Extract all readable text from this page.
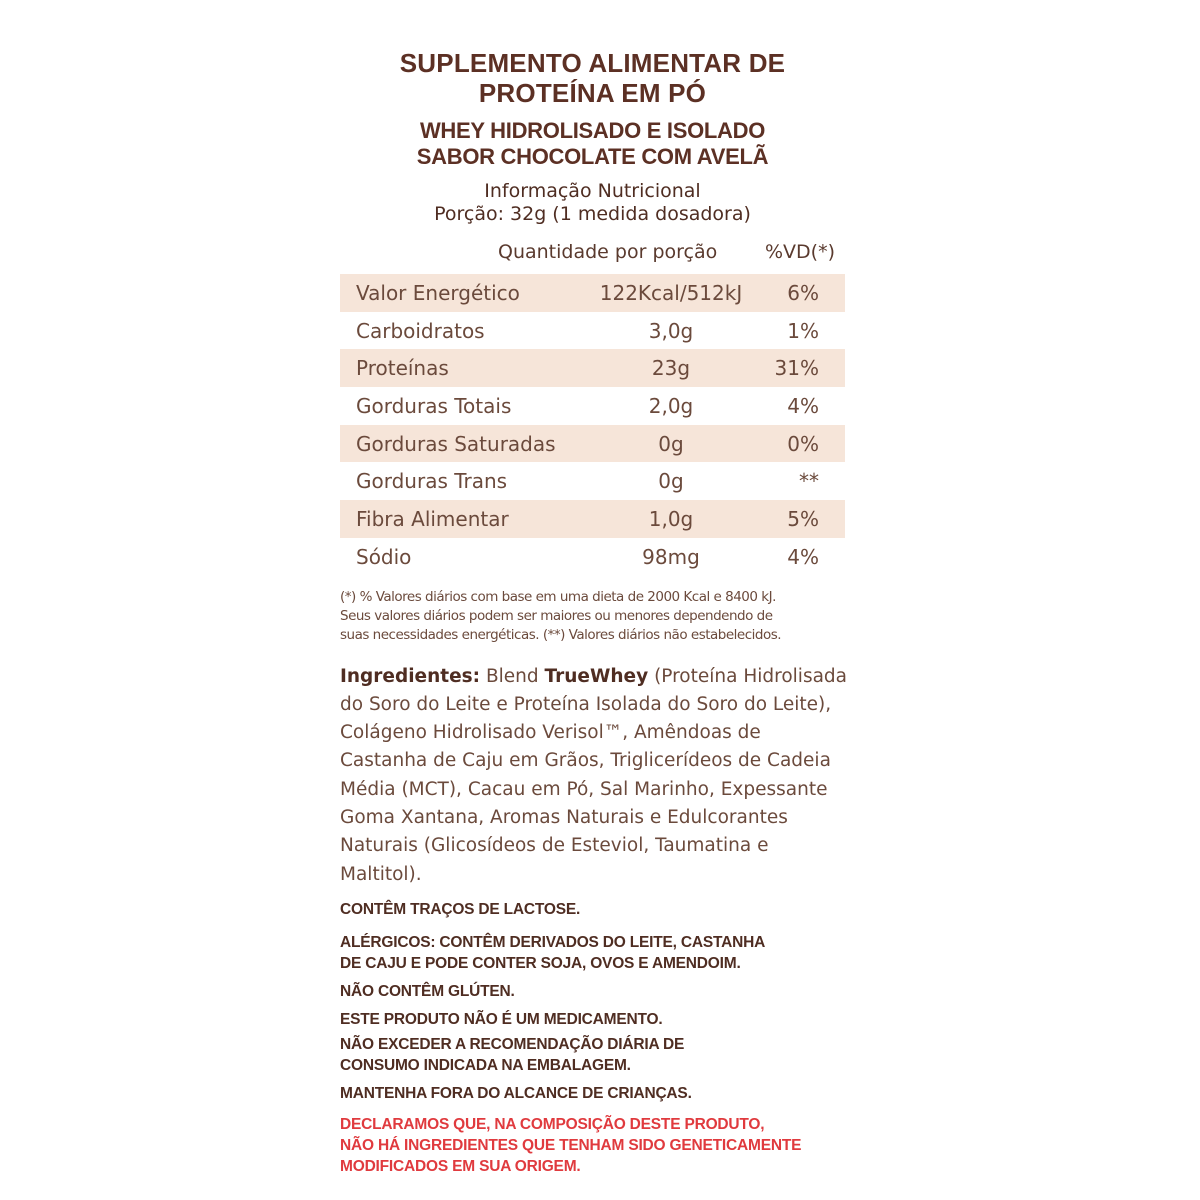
SUPLEMENTO ALIMENTAR DE
PROTEÍNA EM PÓ
WHEY HIDROLISADO E ISOLADO
SABOR CHOCOLATE COM AVELÃ
Informação Nutricional
Porção: 32g (1 medida dosadora)
Quantidade por porção	%VD(*)
Valor Energético	122Kcal/512kJ	6%
Carboidratos	3,0g	1%
Proteínas	23g	31%
Gorduras Totais	2,0g	4%
Gorduras Saturadas	0g	0%
Gorduras Trans	0g	**
Fibra Alimentar	1,0g	5%
Sódio	98mg	4%
(*) % Valores diários com base em uma dieta de 2000 Kcal e 8400 kJ.
Seus valores diários podem ser maiores ou menores dependendo de
suas necessidades energéticas. (**) Valores diários não estabelecidos.
Ingredientes: Blend TrueWhey (Proteína Hidrolisada do Soro do Leite e Proteína Isolada do Soro do Leite), Colágeno Hidrolisado Verisol™, Amêndoas de Castanha de Caju em Grãos, Triglicerídeos de Cadeia Média (MCT), Cacau em Pó, Sal Marinho, Expessante Goma Xantana, Aromas Naturais e Edulcorantes Naturais (Glicosídeos de Esteviol, Taumatina e Maltitol).
CONTÊM TRAÇOS DE LACTOSE.
ALÉRGICOS: CONTÊM DERIVADOS DO LEITE, CASTANHA
DE CAJU E PODE CONTER SOJA, OVOS E AMENDOIM.
NÃO CONTÊM GLÚTEN.
ESTE PRODUTO NÃO É UM MEDICAMENTO.
NÃO EXCEDER A RECOMENDAÇÃO DIÁRIA DE
CONSUMO INDICADA NA EMBALAGEM.
MANTENHA FORA DO ALCANCE DE CRIANÇAS.
DECLARAMOS QUE, NA COMPOSIÇÃO DESTE PRODUTO,
NÃO HÁ INGREDIENTES QUE TENHAM SIDO GENETICAMENTE
MODIFICADOS EM SUA ORIGEM.
